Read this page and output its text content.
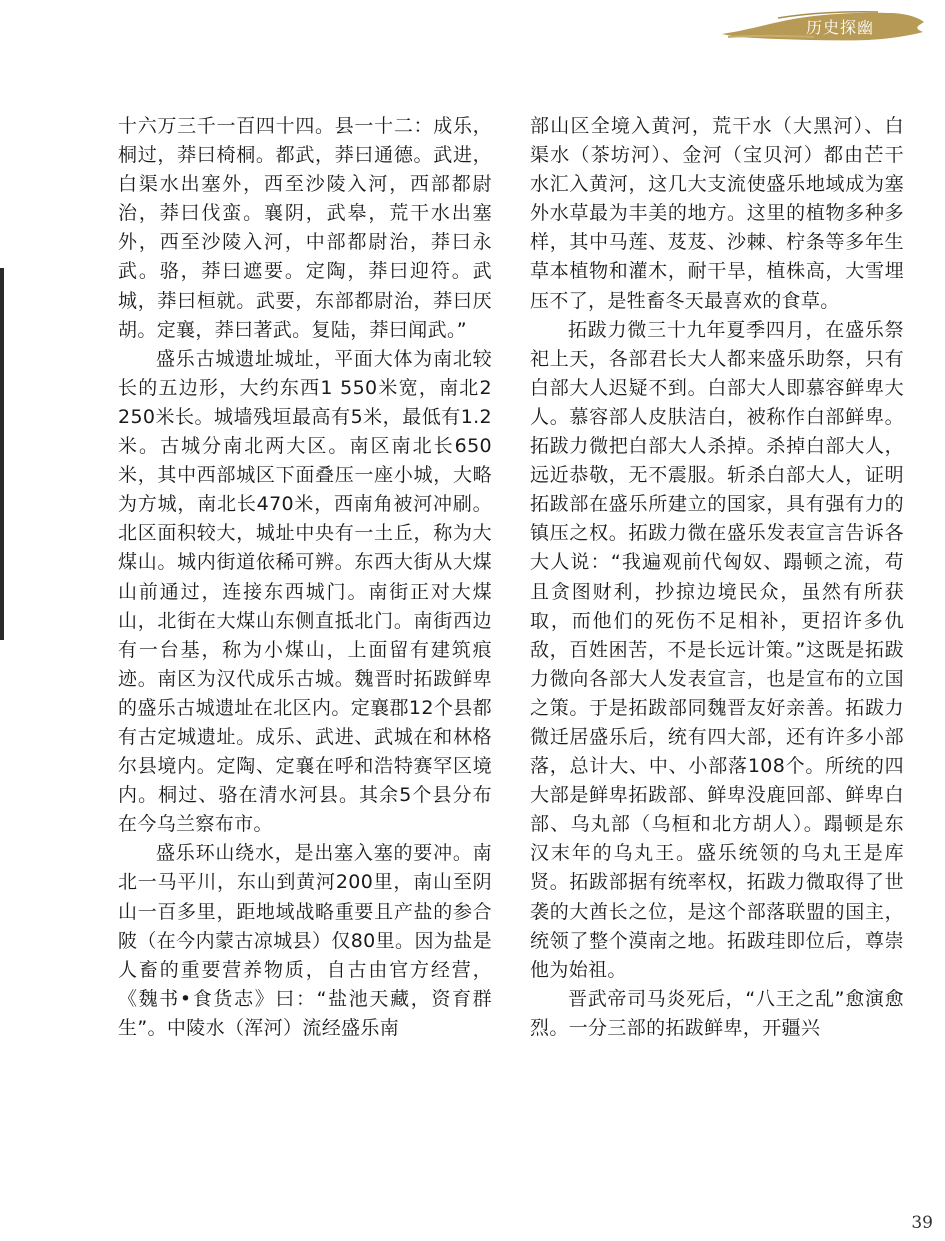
历史探幽

十六万三千一百四十四。县一十二：成乐，桐过，莽曰椅桐。都武，莽曰通德。武进，白渠水出塞外，西至沙陵入河，西部都尉治，莽曰伐蛮。襄阴，武皋，荒干水出塞外，西至沙陵入河，中部都尉治，莽曰永武。骆，莽曰遮要。定陶，莽曰迎符。武城，莽曰桓就。武要，东部都尉治，莽曰厌胡。定襄，莽曰著武。复陆，莽曰闻武。”

盛乐古城遗址城址，平面大体为南北较长的五边形，大约东西1 550米宽，南北2 250米长。城墙残垣最高有5米，最低有1.2米。古城分南北两大区。南区南北长650米，其中西部城区下面叠压一座小城，大略为方城，南北长470米，西南角被河冲刷。北区面积较大，城址中央有一土丘，称为大煤山。城内街道依稀可辨。东西大街从大煤山前通过，连接东西城门。南街正对大煤山，北街在大煤山东侧直抵北门。南街西边有一台基，称为小煤山，上面留有建筑痕迹。南区为汉代成乐古城。魏晋时拓跋鲜卑的盛乐古城遗址在北区内。定襄郡12个县都有古定城遗址。成乐、武进、武城在和林格尔县境内。定陶、定襄在呼和浩特赛罕区境内。桐过、骆在清水河县。其余5个县分布在今乌兰察布市。

盛乐环山绕水，是出塞入塞的要冲。南北一马平川，东山到黄河200里，南山至阴山一百多里，距地域战略重要且产盐的参合陂（在今内蒙古凉城县）仅80里。因为盐是人畜的重要营养物质，自古由官方经营，《魏书•食货志》曰：“盐池天藏，资育群生”。中陵水（浑河）流经盛乐南

部山区全境入黄河，荒干水（大黑河）、白渠水（茶坊河）、金河（宝贝河）都由芒干水汇入黄河，这几大支流使盛乐地域成为塞外水草最为丰美的地方。这里的植物多种多样，其中马莲、芨芨、沙棘、柠条等多年生草本植物和灌木，耐干旱，植株高，大雪埋压不了，是牲畜冬天最喜欢的食草。

拓跋力微三十九年夏季四月，在盛乐祭祀上天，各部君长大人都来盛乐助祭，只有白部大人迟疑不到。白部大人即慕容鲜卑大人。慕容部人皮肤洁白，被称作白部鲜卑。拓跋力微把白部大人杀掉。杀掉白部大人，远近恭敬，无不震服。斩杀白部大人，证明拓跋部在盛乐所建立的国家，具有强有力的镇压之权。拓跋力微在盛乐发表宣言告诉各大人说：“我遍观前代匈奴、蹋顿之流，苟且贪图财利，抄掠边境民众，虽然有所获取，而他们的死伤不足相补，更招许多仇敌，百姓困苦，不是长远计策。”这既是拓跋力微向各部大人发表宣言，也是宣布的立国之策。于是拓跋部同魏晋友好亲善。拓跋力微迁居盛乐后，统有四大部，还有许多小部落，总计大、中、小部落108个。所统的四大部是鲜卑拓跋部、鲜卑没鹿回部、鲜卑白部、乌丸部（乌桓和北方胡人）。蹋顿是东汉末年的乌丸王。盛乐统领的乌丸王是库贤。拓跋部据有统率权，拓跋力微取得了世袭的大酋长之位，是这个部落联盟的国主，统领了整个漠南之地。拓跋珪即位后，尊崇他为始祖。

晋武帝司马炎死后，“八王之乱”愈演愈烈。一分三部的拓跋鲜卑，开疆兴

39
